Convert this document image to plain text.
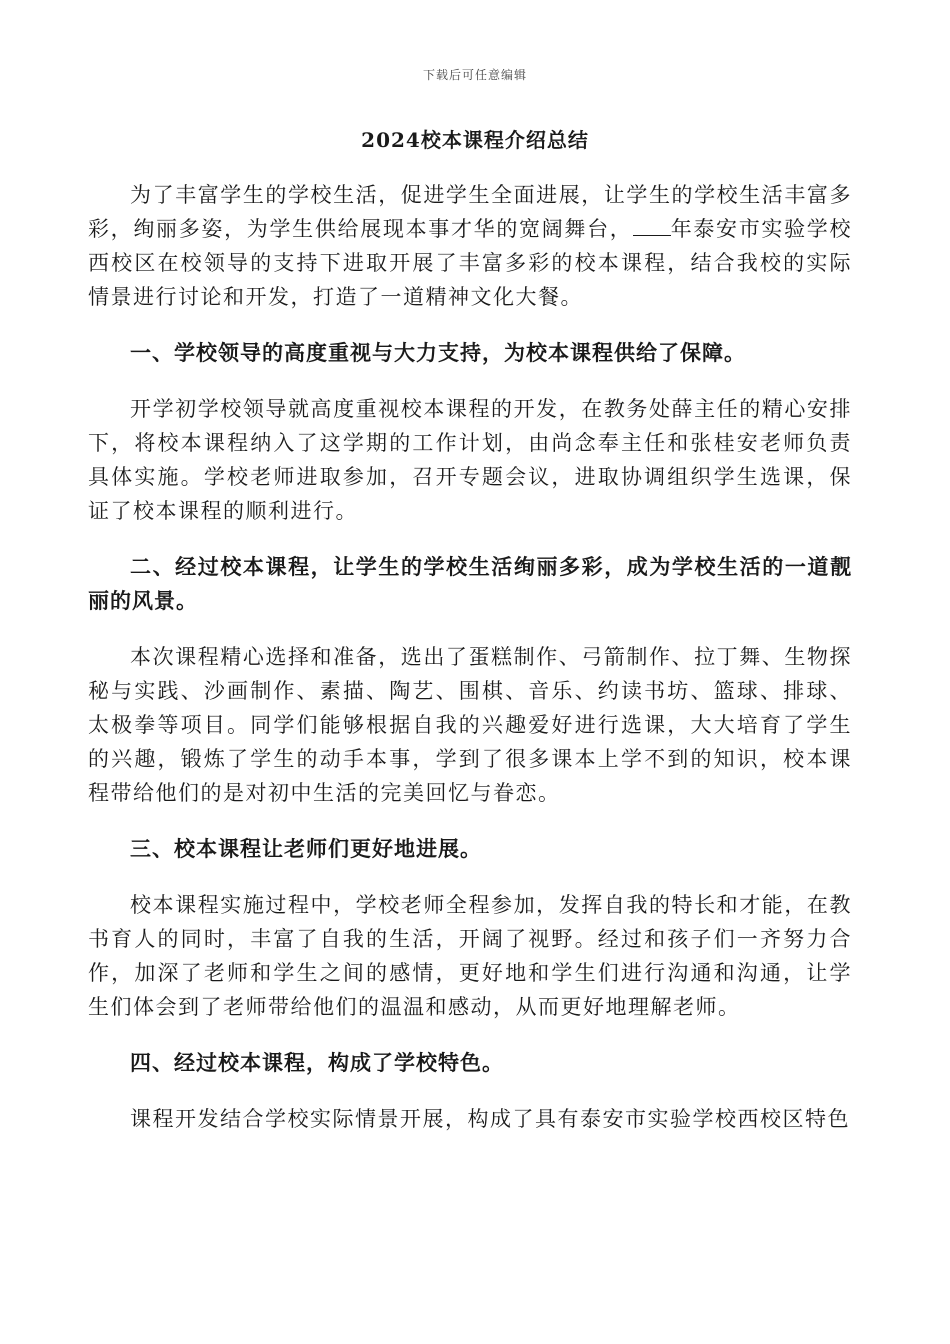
下载后可任意编辑
2024校本课程介绍总结

为了丰富学生的学校生活，促进学生全面进展，让学生的学校生活丰富多彩，绚丽多姿，为学生供给展现本事才华的宽阔舞台， 年泰安市实验学校西校区在校领导的支持下进取开展了丰富多彩的校本课程，结合我校的实际情景进行讨论和开发，打造了一道精神文化大餐。

一、学校领导的高度重视与大力支持，为校本课程供给了保障。

开学初学校领导就高度重视校本课程的开发，在教务处薛主任的精心安排下，将校本课程纳入了这学期的工作计划，由尚念奉主任和张桂安老师负责具体实施。学校老师进取参加，召开专题会议，进取协调组织学生选课，保证了校本课程的顺利进行。

二、经过校本课程，让学生的学校生活绚丽多彩，成为学校生活的一道靓丽的风景。

本次课程精心选择和准备，选出了蛋糕制作、弓箭制作、拉丁舞、生物探秘与实践、沙画制作、素描、陶艺、围棋、音乐、约读书坊、篮球、排球、太极拳等项目。同学们能够根据自我的兴趣爱好进行选课，大大培育了学生的兴趣，锻炼了学生的动手本事，学到了很多课本上学不到的知识，校本课程带给他们的是对初中生活的完美回忆与眷恋。

三、校本课程让老师们更好地进展。

校本课程实施过程中，学校老师全程参加，发挥自我的特长和才能，在教书育人的同时，丰富了自我的生活，开阔了视野。经过和孩子们一齐努力合作，加深了老师和学生之间的感情，更好地和学生们进行沟通和沟通，让学生们体会到了老师带给他们的温温和感动，从而更好地理解老师。

四、经过校本课程，构成了学校特色。

课程开发结合学校实际情景开展，构成了具有泰安市实验学校西校区特色
